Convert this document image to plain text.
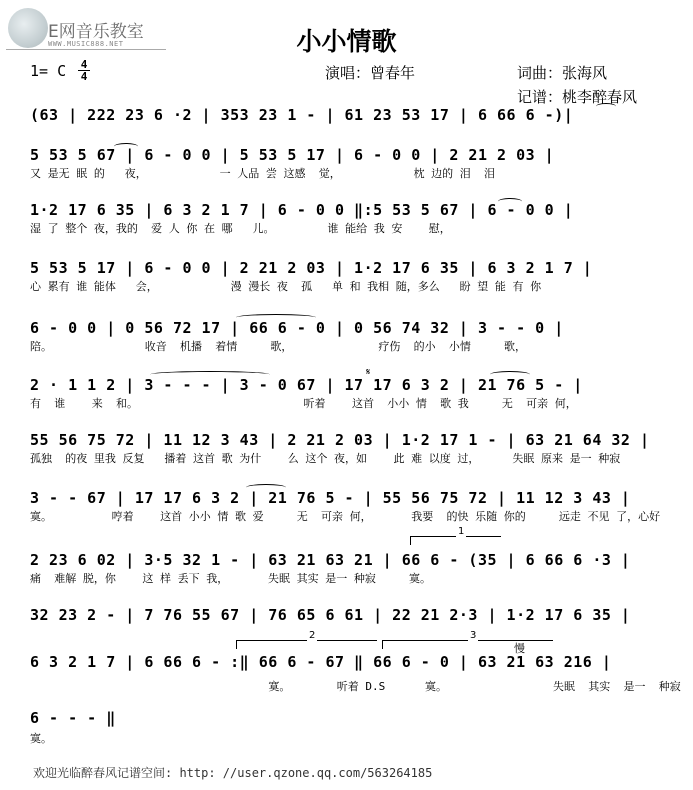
E网音乐教室
WWW.MUSIC888.NET	小小情歌
1= C 4
4	演唱：曾春年	词曲：张海风
记谱：桃李醉春风
(63 | 222 23 6 ·2 | 353 23 1 - | 61 23 53 17 | 6 66 6 -)|
5 53 5 67 | 6 - 0 0 | 5 53 5 17 | 6 - 0 0 | 2 21 2 03 |
又 是无 眠 的   夜，           一 人品 尝 这感  觉，           枕 边的 泪  泪
1·2 17 6 35 | 6 3 2 1 7 | 6 - 0 0 ‖:5 53 5 67 | 6 - 0 0 |
湿 了 整个 夜，我的  爱 人 你 在 哪   儿。        谁 能给 我 安    慰，
5 53 5 17 | 6 - 0 0 | 2 21 2 03 | 1·2 17 6 35 | 6 3 2 1 7 |
心 累有 谁 能体   会，           漫 漫长 夜  孤   单 和 我相 随，多么   盼 望 能 有 你
6 - 0 0 | 0 56 72 17 | 66 6 - 0 | 0 56 74 32 | 3 - - 0 |
陪。              收音  机播  着情     歌，             疗伤  的小  小情     歌，
2 · 1 1 2 | 3 - - - | 3 - 0 67 | 17 17 6 3 2 | 21 76 5 - |
有  谁    来  和。                         听着    这首  小小 情  歌 我     无  可亲 何，
𝄋
55 56 75 72 | 11 12 3 43 | 2 21 2 03 | 1·2 17 1 - | 63 21 64 32 |
孤独  的夜 里我 反复   播着 这首 歌 为什    么 这个 夜，如    此 难 以度 过，     失眠 原来 是一 种寂
3 - - 67 | 17 17 6 3 2 | 21 76 5 - | 55 56 75 72 | 11 12 3 43 |
寞。         哼着    这首 小小 情 歌 爱     无  可亲 何，      我要  的快 乐随 你的     远走 不见 了，心好
2 23 6 02 | 3·5 32 1 - | 63 21 63 21 | 66 6 - (35 | 6 66 6 ·3 |
痛  难解 脱，你    这 样 丢下 我，      失眠 其实 是一 种寂     寞。
1
32 23 2 - | 7 76 55 67 | 76 65 6 61 | 22 21 2·3 | 1·2 17 6 35 |
2	3
慢
6 3 2 1 7 | 6 66 6 - :‖ 66 6 - 67 ‖ 66 6 - 0 | 63 21 63 216 |
寞。       听着 D.S      寞。                失眠  其实  是一  种寂
6 - - - ‖
寞。
欢迎光临醉春风记谱空间: http: //user.qzone.qq.com/563264185
